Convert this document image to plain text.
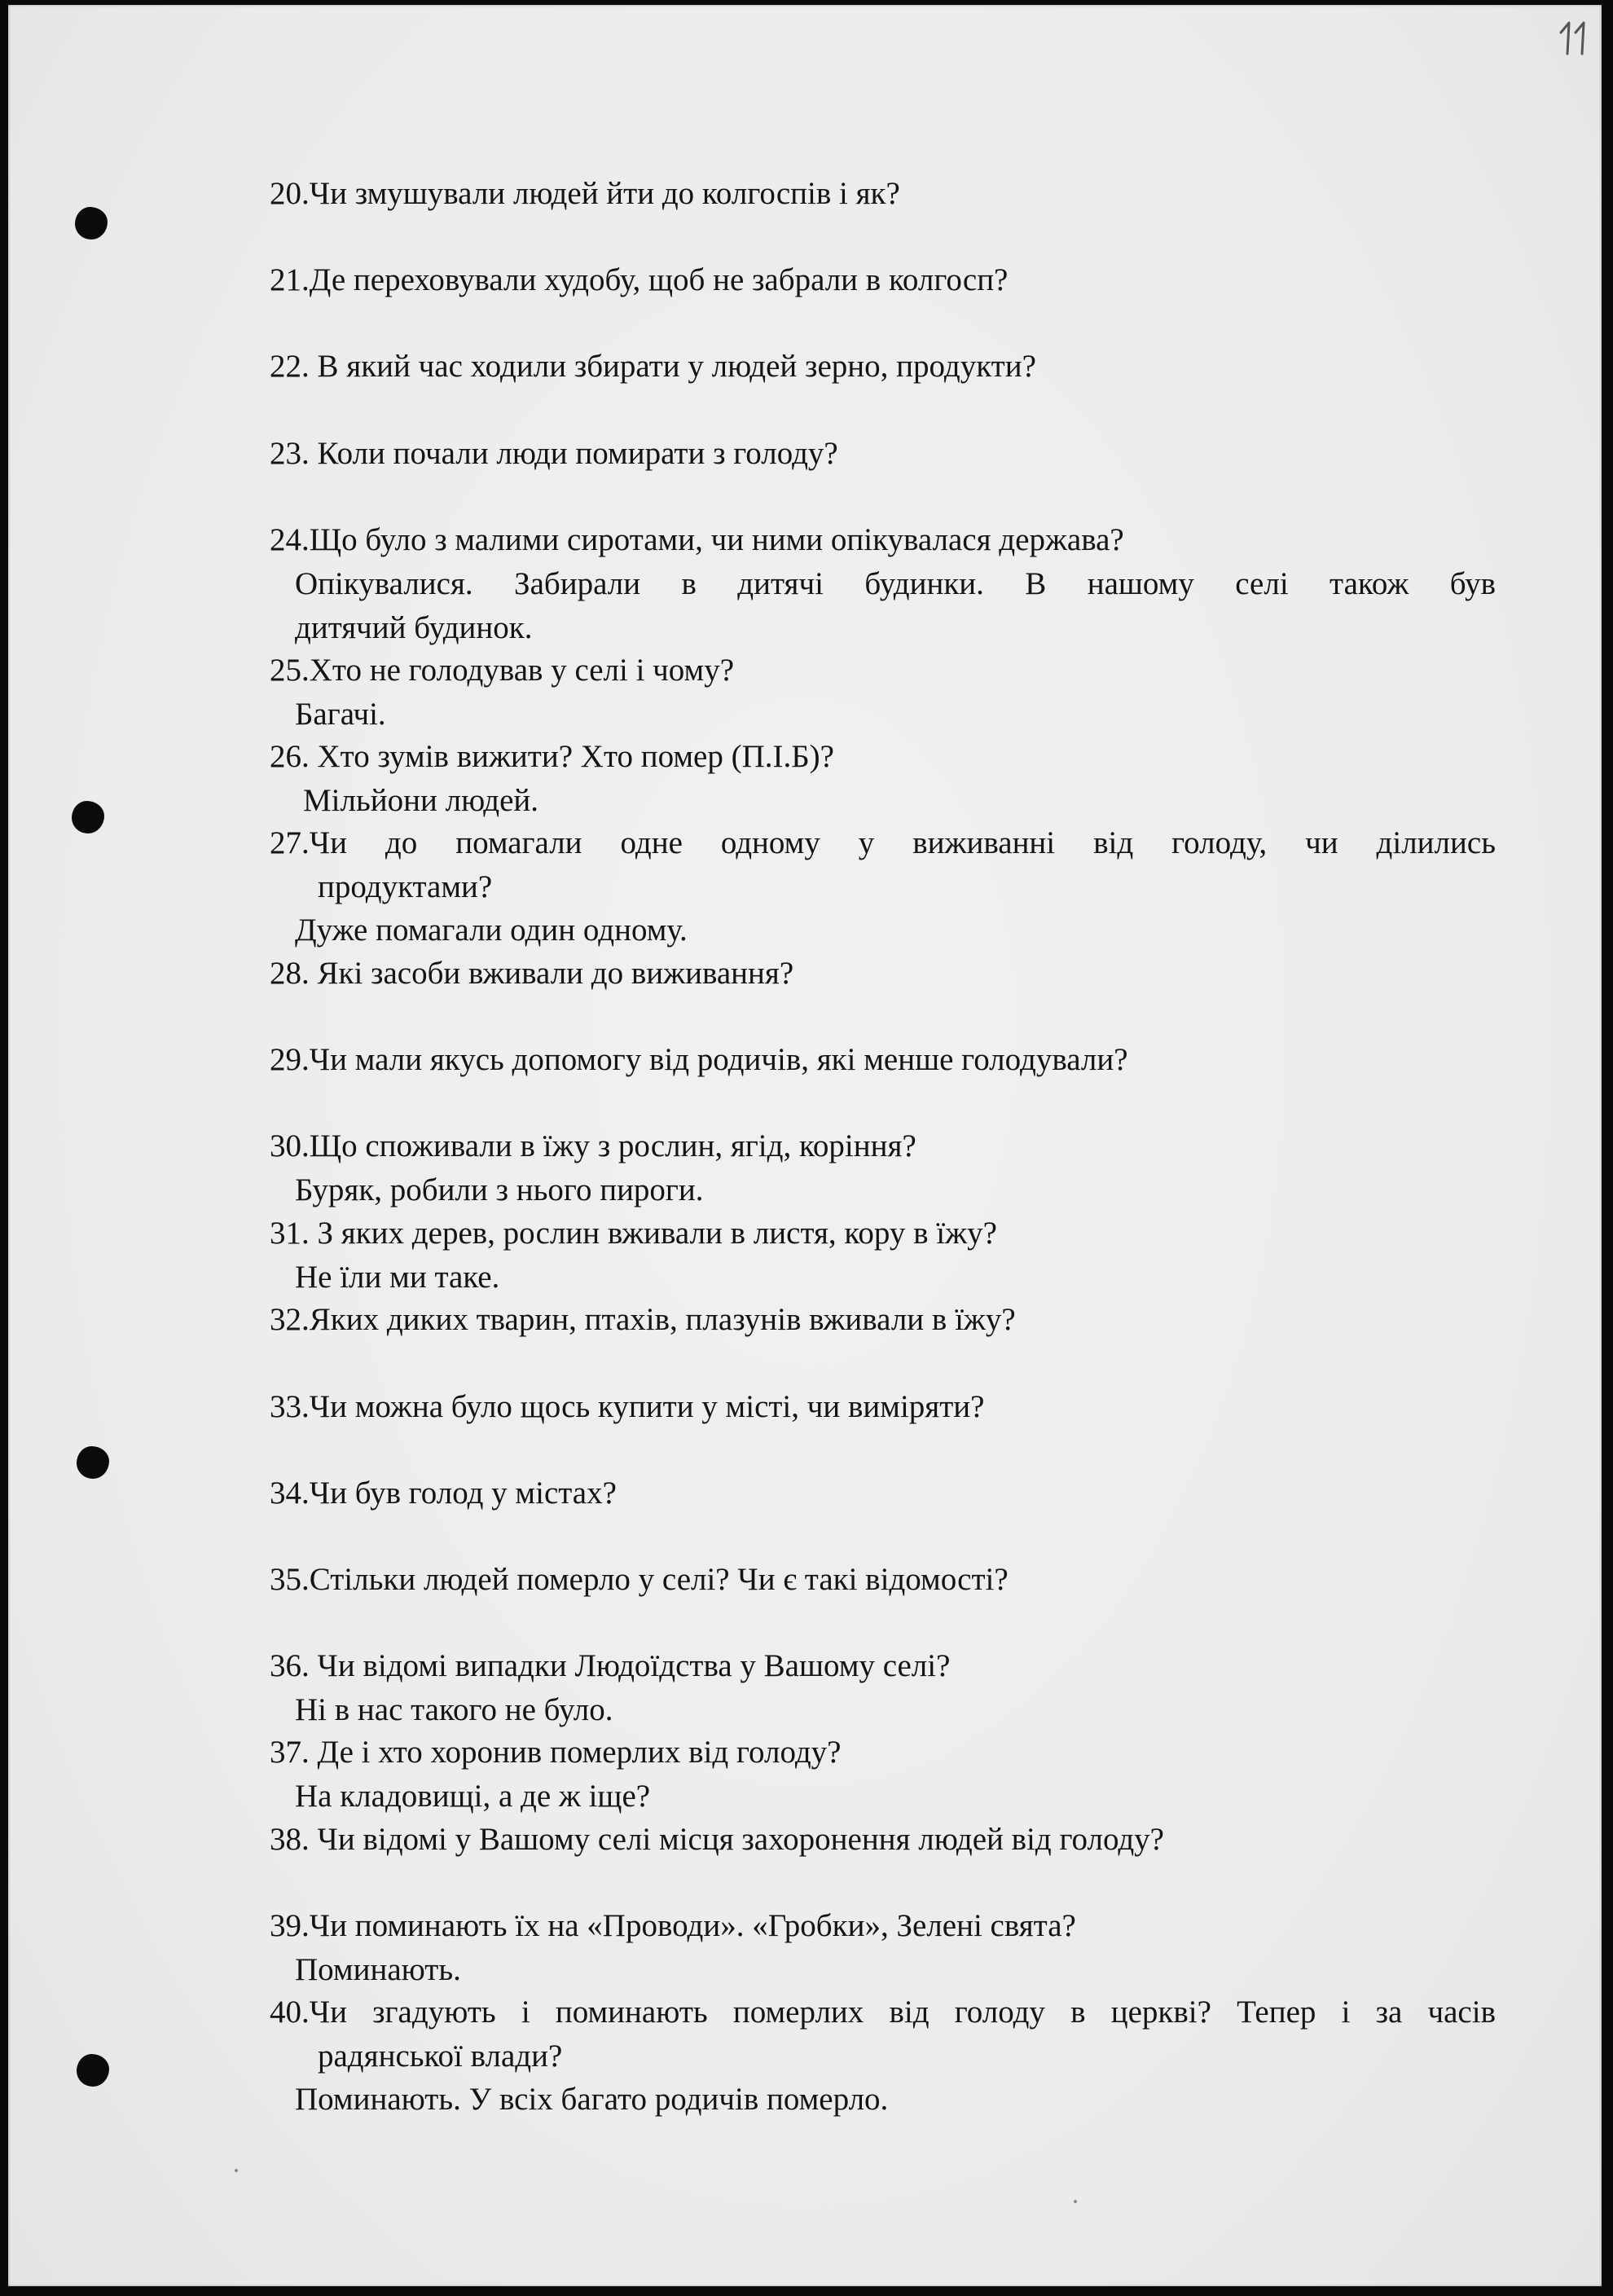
20.Чи змушували людей йти до колгоспів і як?
21.Де переховували худобу, щоб не забрали в колгосп?
22. В який час ходили збирати у людей зерно, продукти?
23. Коли почали люди помирати з голоду?
24.Що було з малими сиротами, чи ними опікувалася держава?
Опікувалися. Забирали в дитячі будинки. В нашому селі також був
дитячий будинок.
25.Хто не голодував у селі і чому?
Багачі.
26. Хто зумів вижити? Хто помер (П.І.Б)?
Мільйони людей.
27.Чи до помагали одне одному у виживанні від голоду, чи ділились
продуктами?
Дуже помагали один одному.
28. Які засоби вживали до виживання?
29.Чи мали якусь допомогу від родичів, які менше голодували?
30.Що споживали в їжу з рослин, ягід, коріння?
Буряк, робили з нього пироги.
31. З яких дерев, рослин вживали в листя, кору в їжу?
Не їли ми таке.
32.Яких диких тварин, птахів, плазунів вживали в їжу?
33.Чи можна було щось купити у місті, чи виміряти?
34.Чи був голод у містах?
35.Стільки людей померло у селі? Чи є такі відомості?
36. Чи відомі випадки Людоїдства у Вашому селі?
Ні в нас такого не було.
37. Де і хто хоронив померлих від голоду?
На кладовищі, а де ж іще?
38. Чи відомі у Вашому селі місця захоронення людей від голоду?
39.Чи поминають їх на «Проводи». «Гробки», Зелені свята?
Поминають.
40.Чи згадують і поминають померлих від голоду в церкві? Тепер і за часів
радянської влади?
Поминають. У всіх багато родичів померло.
